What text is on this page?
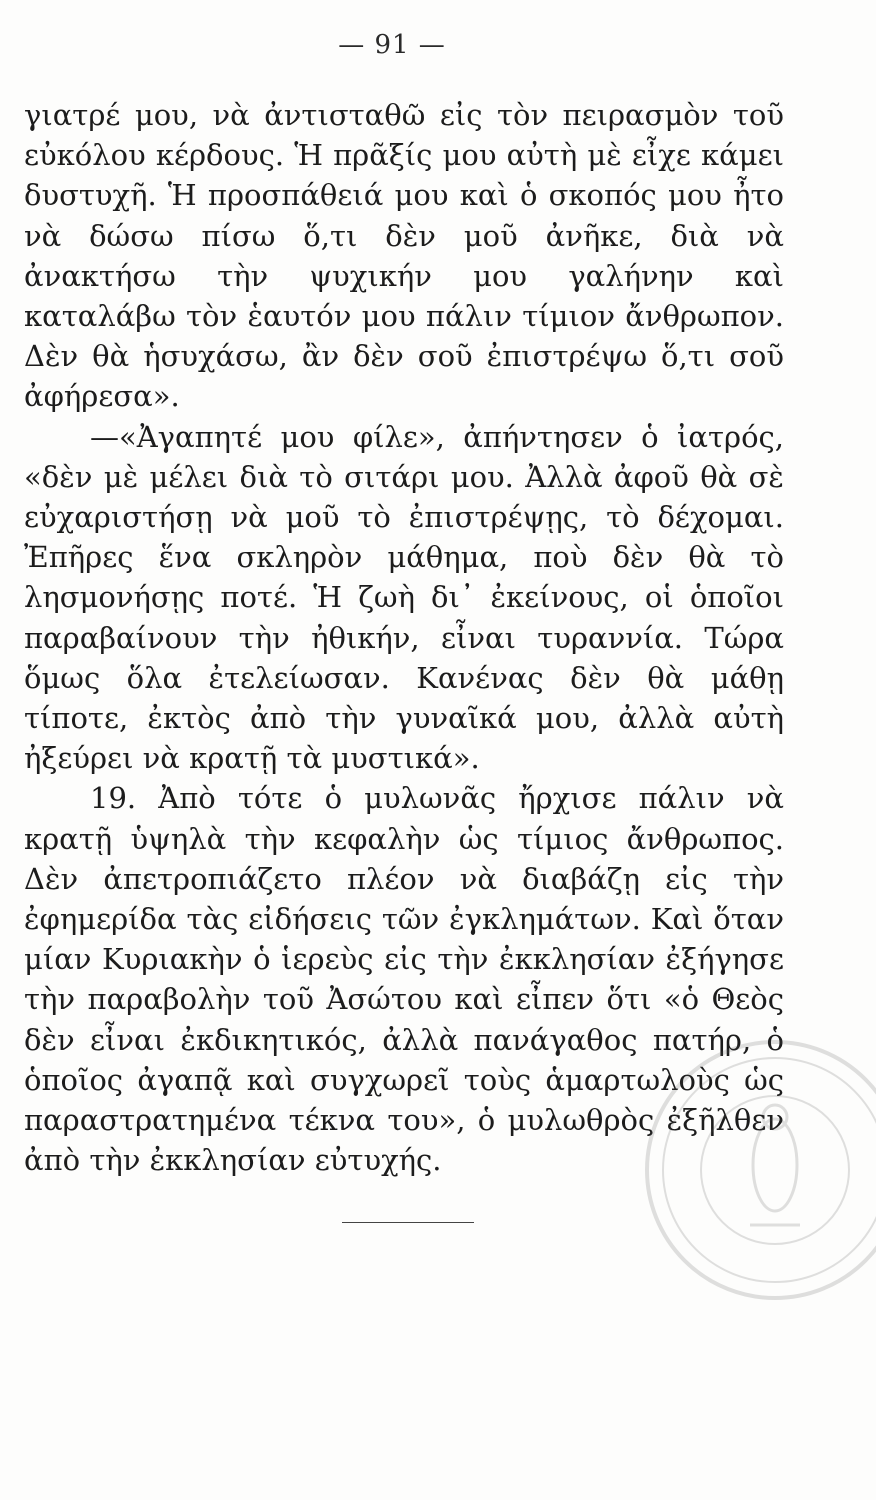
— 91 —

γιατρέ μου, νὰ ἀντισταθῶ εἰς τὸν πειρασμὸν τοῦ εὐκόλου κέρδους. Ἡ πρᾶξίς μου αὐτὴ μὲ εἶχε κάμει δυστυχῆ. Ἡ προσπάθειά μου καὶ ὁ σκοπός μου ἦτο νὰ δώσω πίσω ὅ,τι δὲν μοῦ ἀνῆκε, διὰ νὰ ἀνακτήσω τὴν ψυχικήν μου γαλήνην καὶ καταλάβω τὸν ἑαυτόν μου πάλιν τίμιον ἄνθρωπον. Δὲν θὰ ἡσυχάσω, ἂν δὲν σοῦ ἐπιστρέψω ὅ,τι σοῦ ἀφήρεσα».

—«Ἀγαπητέ μου φίλε», ἀπήντησεν ὁ ἰατρός, «δὲν μὲ μέλει διὰ τὸ σιτάρι μου. Ἀλλὰ ἀφοῦ θὰ σὲ εὐχαριστήσῃ νὰ μοῦ τὸ ἐπιστρέψῃς, τὸ δέχομαι. Ἐπῆρες ἕνα σκληρὸν μάθημα, ποὺ δὲν θὰ τὸ λησμονήσῃς ποτέ. Ἡ ζωὴ δι᾿ ἐκείνους, οἱ ὁποῖοι παραβαίνουν τὴν ἠθικήν, εἶναι τυραννία. Τώρα ὅμως ὅλα ἐτελείωσαν. Κανένας δὲν θὰ μάθῃ τίποτε, ἐκτὸς ἀπὸ τὴν γυναῖκά μου, ἀλλὰ αὐτὴ ἠξεύρει νὰ κρατῇ τὰ μυστικά».

19. Ἀπὸ τότε ὁ μυλωνᾶς ἤρχισε πάλιν νὰ κρατῇ ὑψηλὰ τὴν κεφαλὴν ὡς τίμιος ἄνθρωπος. Δὲν ἀπετροπιάζετο πλέον νὰ διαβάζῃ εἰς τὴν ἐφημερίδα τὰς εἰδήσεις τῶν ἐγκλημάτων. Καὶ ὅταν μίαν Κυριακὴν ὁ ἱερεὺς εἰς τὴν ἐκκλησίαν ἐξήγησε τὴν παραβολὴν τοῦ Ἀσώτου καὶ εἶπεν ὅτι «ὁ Θεὸς δὲν εἶναι ἐκδικητικός, ἀλλὰ πανάγαθος πατήρ, ὁ ὁποῖος ἀγαπᾷ καὶ συγχωρεῖ τοὺς ἁμαρτωλοὺς ὡς παραστρατημένα τέκνα του», ὁ μυλωθρὸς ἐξῆλθεν ἀπὸ τὴν ἐκκλησίαν εὐτυχής.
